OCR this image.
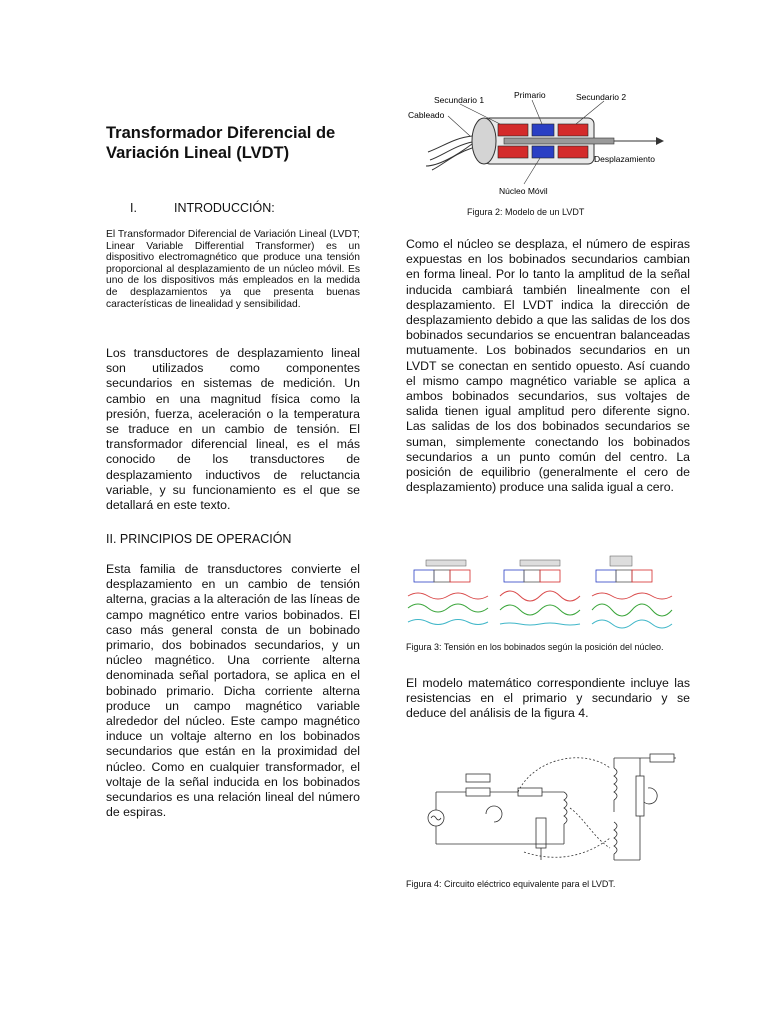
Transformador Diferencial de Variación Lineal (LVDT)
I.	INTRODUCCIÓN:

El Transformador Diferencial de Variación Lineal (LVDT; Linear Variable Differential Transformer) es un dispositivo electromagnético que produce una tensión proporcional al desplazamiento de un núcleo móvil. Es uno de los dispositivos más empleados en la medida de desplazamientos ya que presenta buenas características de linealidad y sensibilidad.

Los transductores de desplazamiento lineal son utilizados como componentes secundarios en sistemas de medición. Un cambio en una magnitud física como la presión, fuerza, aceleración o la temperatura se traduce en un cambio de tensión. El transformador diferencial lineal, es el más conocido de los transductores de desplazamiento inductivos de reluctancia variable, y su funcionamiento es el que se detallará en este texto.

II. PRINCIPIOS DE OPERACIÓN

Esta familia de transductores convierte el desplazamiento en un cambio de tensión alterna, gracias a la alteración de las líneas de campo magnético entre varios bobinados. El caso más general consta de un bobinado primario, dos bobinados secundarios, y un núcleo magnético. Una corriente alterna denominada señal portadora, se aplica en el bobinado primario. Dicha corriente alterna produce un campo magnético variable alrededor del núcleo. Este campo magnético induce un voltaje alterno en los bobinados secundarios que están en la proximidad del núcleo. Como en cualquier transformador, el voltaje de la señal inducida en los bobinados secundarios es una relación lineal del número de espiras.

Secundario 1	Primario	Secundario 2
Cableado
Desplazamiento
Núcleo Móvil

Figura 2: Modelo de un LVDT

Como el núcleo se desplaza, el número de espiras expuestas en los bobinados secundarios cambian en forma lineal. Por lo tanto la amplitud de la señal inducida cambiará también linealmente con el desplazamiento. El LVDT indica la dirección de desplazamiento debido a que las salidas de los dos bobinados secundarios se encuentran balanceadas mutuamente. Los bobinados secundarios en un LVDT se conectan en sentido opuesto. Así cuando el mismo campo magnético variable se aplica a ambos bobinados secundarios, sus voltajes de salida tienen igual amplitud pero diferente signo. Las salidas de los dos bobinados secundarios se suman, simplemente conectando los bobinados secundarios a un punto común del centro. La posición de equilibrio (generalmente el cero de desplazamiento) produce una salida igual a cero.

Figura 3: Tensión en los bobinados según la posición del núcleo.

El modelo matemático correspondiente incluye las resistencias en el primario y secundario y se deduce del análisis de la figura 4.

Figura 4: Circuito eléctrico equivalente para el LVDT.
